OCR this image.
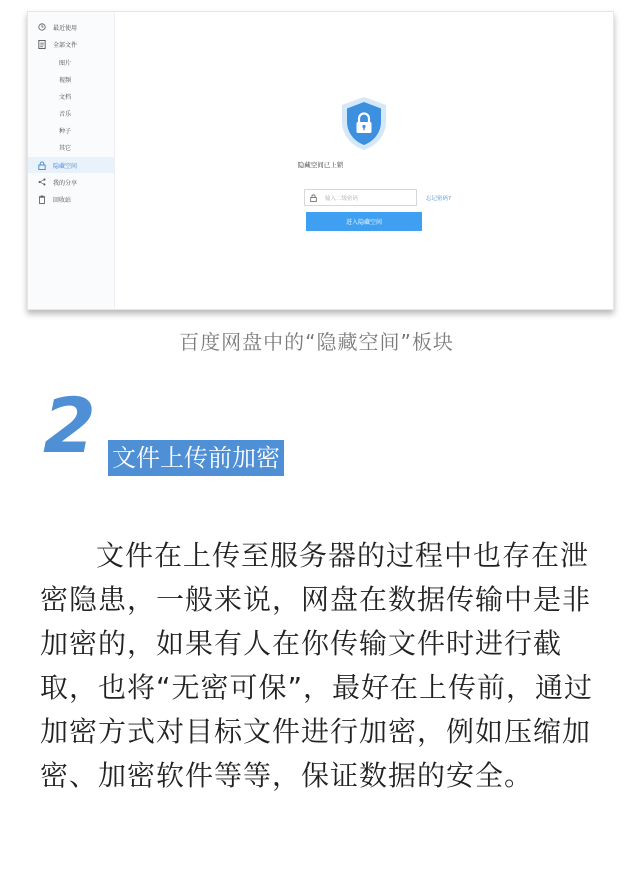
最近使用
全部文件
图片
视频
文档
音乐
种子
其它
隐藏空间
我的分享
回收站
隐藏空间已上锁
输入二级密码	忘记密码?
进入隐藏空间
百度网盘中的“隐藏空间”板块
2 文件上传前加密
文件在上传至服务器的过程中也存在泄密隐患，一般来说，网盘在数据传输中是非加密的，如果有人在你传输文件时进行截取，也将“无密可保”，最好在上传前，通过加密方式对目标文件进行加密，例如压缩加密、加密软件等等，保证数据的安全。
